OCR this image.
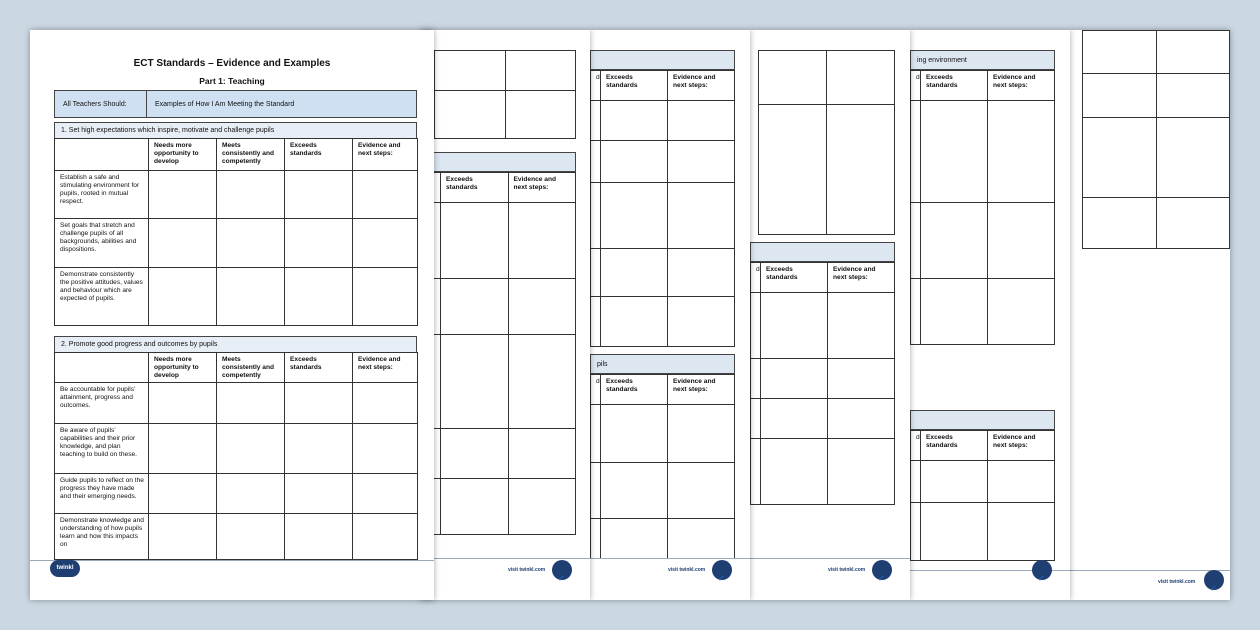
visit twinkl.com
✓
ing environment
d	Exceeds standards	Evidence and next steps:

d	Exceeds standards	Evidence and next steps:

✓

d	Exceeds standards	Evidence and next steps:

visit twinkl.com
✓
d	Exceeds standards	Evidence and next steps:

pils
d	Exceeds standards	Evidence and next steps:

visit twinkl.com
✓

	Exceeds standards	Evidence and next steps:

visit twinkl.com
✓
ECT Standards – Evidence and Examples
Part 1: Teaching
All Teachers Should:	Examples of How I Am Meeting the Standard
1. Set high expectations which inspire, motivate and challenge pupils
	Needs more opportunity to develop	Meets consistently and competently	Exceeds standards	Evidence and next steps:
Establish a safe and stimulating environment for pupils, rooted in mutual respect.				
Set goals that stretch and challenge pupils of all backgrounds, abilities and dispositions.				
Demonstrate consistently the positive attitudes, values and behaviour which are expected of pupils.				
2. Promote good progress and outcomes by pupils
	Needs more opportunity to develop	Meets consistently and competently	Exceeds standards	Evidence and next steps:
Be accountable for pupils’ attainment, progress and outcomes.				
Be aware of pupils’ capabilities and their prior knowledge, and plan teaching to build on these.				
Guide pupils to reflect on the progress they have made and their emerging needs.				
Demonstrate knowledge and understanding of how pupils learn and how this impacts on				
twinkl
